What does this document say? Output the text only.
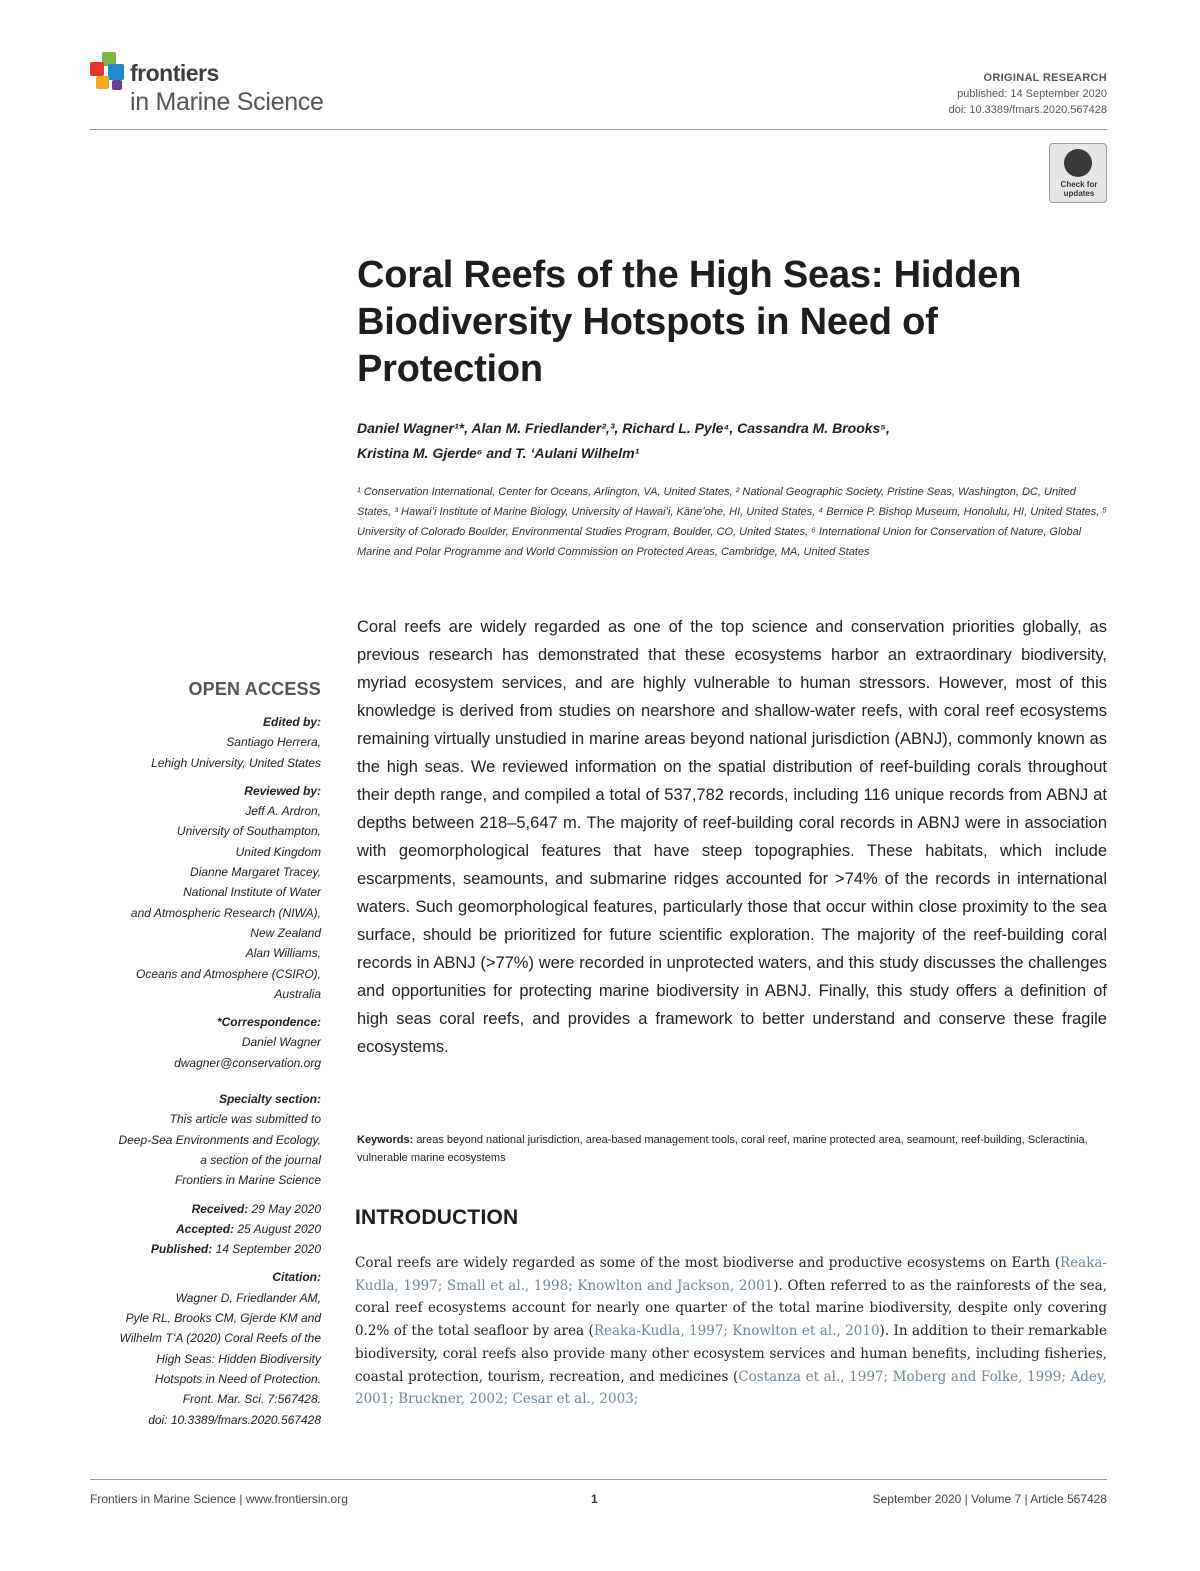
frontiers
in Marine Science
ORIGINAL RESEARCH
published: 14 September 2020
doi: 10.3389/fmars.2020.567428
Check for updates
Coral Reefs of the High Seas: Hidden Biodiversity Hotspots in Need of Protection
Daniel Wagner¹*, Alan M. Friedlander²,³, Richard L. Pyle⁴, Cassandra M. Brooks⁵,
Kristina M. Gjerde⁶ and T. ʻAulani Wilhelm¹
¹ Conservation International, Center for Oceans, Arlington, VA, United States, ² National Geographic Society, Pristine Seas, Washington, DC, United States, ³ Hawaiʻi Institute of Marine Biology, University of Hawaiʻi, Kāneʻohe, HI, United States, ⁴ Bernice P. Bishop Museum, Honolulu, HI, United States, ⁵ University of Colorado Boulder, Environmental Studies Program, Boulder, CO, United States, ⁶ International Union for Conservation of Nature, Global Marine and Polar Programme and World Commission on Protected Areas, Cambridge, MA, United States
Coral reefs are widely regarded as one of the top science and conservation priorities globally, as previous research has demonstrated that these ecosystems harbor an extraordinary biodiversity, myriad ecosystem services, and are highly vulnerable to human stressors. However, most of this knowledge is derived from studies on nearshore and shallow-water reefs, with coral reef ecosystems remaining virtually unstudied in marine areas beyond national jurisdiction (ABNJ), commonly known as the high seas. We reviewed information on the spatial distribution of reef-building corals throughout their depth range, and compiled a total of 537,782 records, including 116 unique records from ABNJ at depths between 218–5,647 m. The majority of reef-building coral records in ABNJ were in association with geomorphological features that have steep topographies. These habitats, which include escarpments, seamounts, and submarine ridges accounted for >74% of the records in international waters. Such geomorphological features, particularly those that occur within close proximity to the sea surface, should be prioritized for future scientific exploration. The majority of the reef-building coral records in ABNJ (>77%) were recorded in unprotected waters, and this study discusses the challenges and opportunities for protecting marine biodiversity in ABNJ. Finally, this study offers a definition of high seas coral reefs, and provides a framework to better understand and conserve these fragile ecosystems.
Keywords: areas beyond national jurisdiction, area-based management tools, coral reef, marine protected area, seamount, reef-building, Scleractinia, vulnerable marine ecosystems
INTRODUCTION
Coral reefs are widely regarded as some of the most biodiverse and productive ecosystems on Earth (Reaka-Kudla, 1997; Small et al., 1998; Knowlton and Jackson, 2001). Often referred to as the rainforests of the sea, coral reef ecosystems account for nearly one quarter of the total marine biodiversity, despite only covering 0.2% of the total seafloor by area (Reaka-Kudla, 1997; Knowlton et al., 2010). In addition to their remarkable biodiversity, coral reefs also provide many other ecosystem services and human benefits, including fisheries, coastal protection, tourism, recreation, and medicines (Costanza et al., 1997; Moberg and Folke, 1999; Adey, 2001; Bruckner, 2002; Cesar et al., 2003;
OPEN ACCESS
Edited by:
Santiago Herrera,
Lehigh University, United States
Reviewed by:
Jeff A. Ardron,
University of Southampton,
United Kingdom
Dianne Margaret Tracey,
National Institute of Water
and Atmospheric Research (NIWA),
New Zealand
Alan Williams,
Oceans and Atmosphere (CSIRO),
Australia
*Correspondence:
Daniel Wagner
dwagner@conservation.org
Specialty section:
This article was submitted to
Deep-Sea Environments and Ecology,
a section of the journal
Frontiers in Marine Science
Received: 29 May 2020
Accepted: 25 August 2020
Published: 14 September 2020
Citation:
Wagner D, Friedlander AM,
Pyle RL, Brooks CM, Gjerde KM and
Wilhelm TʻA (2020) Coral Reefs of the
High Seas: Hidden Biodiversity
Hotspots in Need of Protection.
Front. Mar. Sci. 7:567428.
doi: 10.3389/fmars.2020.567428
Frontiers in Marine Science | www.frontiersin.org	1	September 2020 | Volume 7 | Article 567428
